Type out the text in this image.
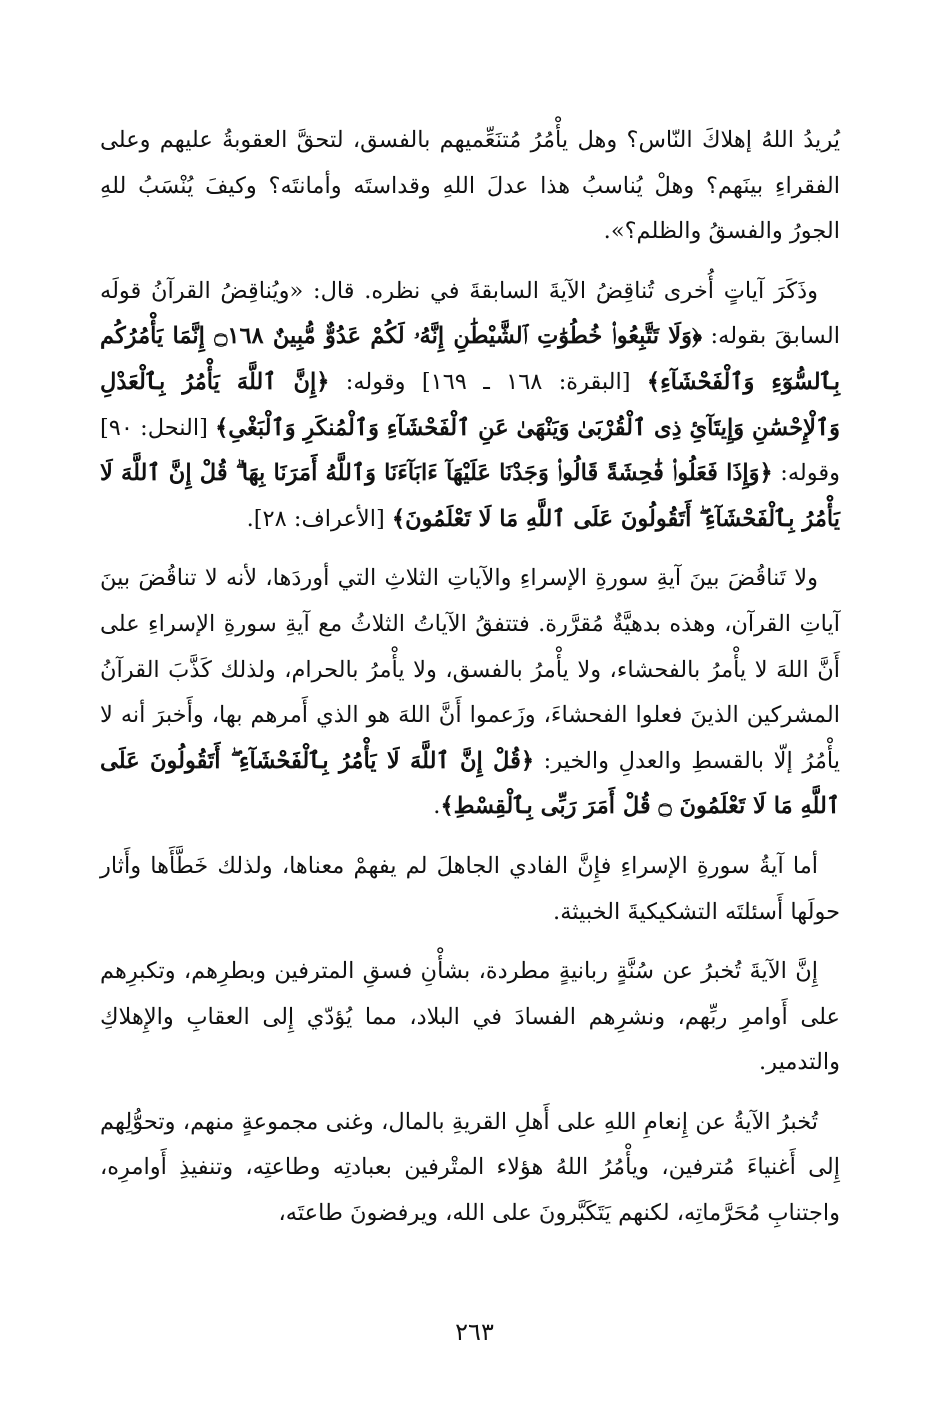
يُريدُ اللهُ إهلاكَ النّاس؟ وهل يأْمُرُ مُتنَعِّميهم بالفسق، لتحقَّ العقوبةُ عليهم وعلى الفقراءِ بينَهم؟ وهلْ يُناسبُ هذا عدلَ اللهِ وقداستَه وأمانتَه؟ وكيفَ يُنْسَبُ للهِ الجورُ والفسقُ والظلم؟».

وذَكَرَ آياتٍ أُخرى تُناقِضُ الآيةَ السابقةَ في نظره. قال: «ويُناقِضُ القرآنُ قولَه السابقَ بقوله: ﴿وَلَا تَتَّبِعُوا۟ خُطُوَٰتِ ٱلشَّيْطَٰنِ إِنَّهُۥ لَكُمْ عَدُوٌّ مُّبِينٌ ۝١٦٨ إِنَّمَا يَأْمُرُكُم بِٱلسُّوٓءِ وَٱلْفَحْشَآءِ﴾ [البقرة: ١٦٨ ـ ١٦٩] وقوله: ﴿إِنَّ ٱللَّهَ يَأْمُرُ بِٱلْعَدْلِ وَٱلْإِحْسَٰنِ وَإِيتَآئِ ذِى ٱلْقُرْبَىٰ وَيَنْهَىٰ عَنِ ٱلْفَحْشَآءِ وَٱلْمُنكَرِ وَٱلْبَغْىِ﴾ [النحل: ٩٠] وقوله: ﴿وَإِذَا فَعَلُوا۟ فَٰحِشَةً قَالُوا۟ وَجَدْنَا عَلَيْهَآ ءَابَآءَنَا وَٱللَّهُ أَمَرَنَا بِهَا ۗ قُلْ إِنَّ ٱللَّهَ لَا يَأْمُرُ بِٱلْفَحْشَآءِ ۖ أَتَقُولُونَ عَلَى ٱللَّهِ مَا لَا تَعْلَمُونَ﴾ [الأعراف: ٢٨].

ولا تَناقُضَ بينَ آيةِ سورةِ الإسراءِ والآياتِ الثلاثِ التي أوردَها، لأنه لا تناقُضَ بينَ آياتِ القرآن، وهذه بدهيَّةٌ مُقرَّرة. فتتفقُ الآياتُ الثلاثُ مع آيةِ سورةِ الإسراءِ على أَنَّ اللهَ لا يأْمرُ بالفحشاء، ولا يأْمرُ بالفسق، ولا يأْمرُ بالحرام، ولذلك كَذَّبَ القرآنُ المشركين الذينَ فعلوا الفحشاءَ، وزَعموا أَنَّ اللهَ هو الذي أَمرهم بها، وأَخبرَ أنه لا يأْمُرُ إلّا بالقسطِ والعدلِ والخير: ﴿قُلْ إِنَّ ٱللَّهَ لَا يَأْمُرُ بِٱلْفَحْشَآءِ ۖ أَتَقُولُونَ عَلَى ٱللَّهِ مَا لَا تَعْلَمُونَ ۝ قُلْ أَمَرَ رَبِّى بِٱلْقِسْطِ﴾.

أما آيةُ سورةِ الإسراءِ فإِنَّ الفادي الجاهلَ لم يفهمْ معناها، ولذلك خَطَّأَها وأَثار حولَها أَسئلتَه التشكيكيةَ الخبيثة.

إِنَّ الآيةَ تُخبرُ عن سُنَّةٍ ربانيةٍ مطردة، بشأْنِ فسقِ المترفين وبطرِهم، وتكبرِهم على أَوامرِ ربِّهم، ونشرِهم الفسادَ في البلاد، مما يُؤدّي إِلى العقابِ والإِهلاكِ والتدمير.

تُخبرُ الآيةُ عن إِنعامِ اللهِ على أَهلِ القريةِ بالمال، وغنى مجموعةٍ منهم، وتحوُّلِهم إِلى أَغنياءَ مُترفين، ويأْمُرُ اللهُ هؤلاء المتْرفين بعبادتِه وطاعتِه، وتنفيذِ أَوامرِه، واجتنابِ مُحَرَّماتِه، لكنهم يَتَكَبَّرونَ على الله، ويرفضونَ طاعتَه،

٢٦٣
